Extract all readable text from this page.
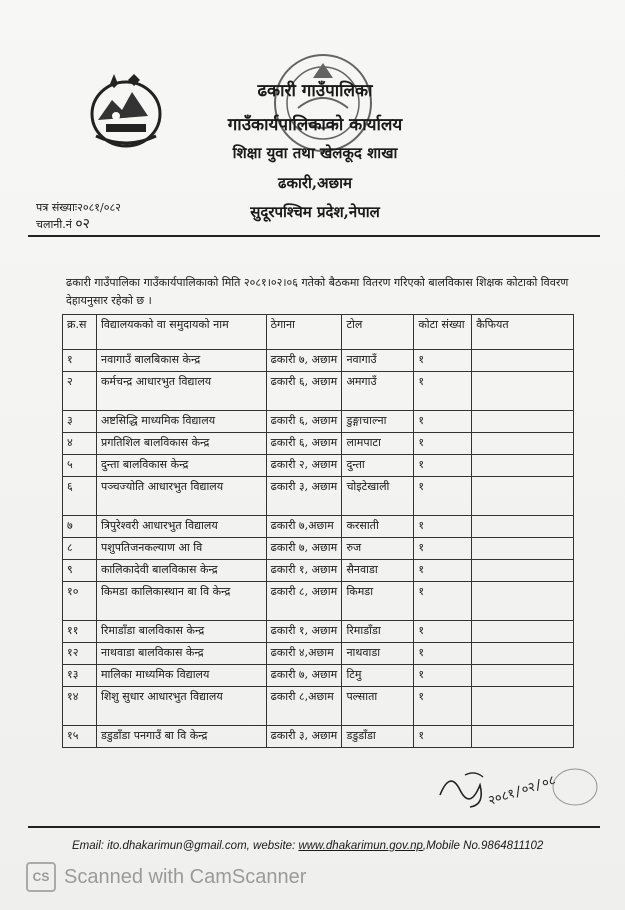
ढकारी गाउँपालिका
गाउँकार्यपालिकाको कार्यालय
शिक्षा युवा तथा खेलकूद शाखा
ढकारी,अछाम
सुदूरपश्चिम प्रदेश,नेपाल
पत्र संख्याः२०८१/०८२
चलानी.नं ०२
ढकारी गाउँपालिका गाउँकार्यपालिकाको मिति २०८१।०२।०६ गतेको बैठकमा वितरण गरिएको बालविकास शिक्षक कोटाको विवरण देहायनुसार रहेको छ ।
क्र.स	विद्यालयकको वा समुदायको नाम	ठेगाना	टोल	कोटा संख्या	कैफियत
१	नवागाउँ बालबिकास केन्द्र	ढकारी ७, अछाम	नवागाउँ	१	
२	कर्मचन्द्र आधारभुत विद्यालय	ढकारी ६, अछाम	अमगाउँ	१	
३	अष्टसिद्धि माध्यमिक विद्यालय	ढकारी ६, अछाम	डुङ्गाचाल्ना	१	
४	प्रगतिशिल बालविकास केन्द्र	ढकारी ६, अछाम	लामपाटा	१	
५	दुन्ता बालविकास केन्द्र	ढकारी २, अछाम	दुन्ता	१	
६	पञ्चज्योति आधारभुत विद्यालय	ढकारी ३, अछाम	चोइटेखाली	१	
७	त्रिपुरेश्वरी आधारभुत विद्यालय	ढकारी ७,अछाम	करसाती	१	
८	पशुपतिजनकल्याण आ वि	ढकारी ७, अछाम	रुज	१	
९	कालिकादेवी बालविकास केन्द्र	ढकारी १, अछाम	सैनवाडा	१	
१०	किमडा कालिकास्थान बा वि केन्द्र	ढकारी ८, अछाम	किमडा	१	
११	रिमाडाँडा बालविकास केन्द्र	ढकारी १, अछाम	रिमाडाँडा	१	
१२	नाथवाडा बालविकास केन्द्र	ढकारी ४,अछाम	नाथवाडा	१	
१३	मालिका माध्यमिक विद्यालय	ढकारी ७, अछाम	टिमु	१	
१४	शिशु सुधार आधारभुत विद्यालय	ढकारी ८,अछाम	पल्साता	१	
१५	डडुडाँडा पनगाउँ बा वि केन्द्र	ढकारी ३, अछाम	डडुडाँडा	१	
२०८१/०२/०८
Email: ito.dhakarimun@gmail.com, website: www.dhakarimun.gov.np,Mobile No.9864811102
CS Scanned with CamScanner
